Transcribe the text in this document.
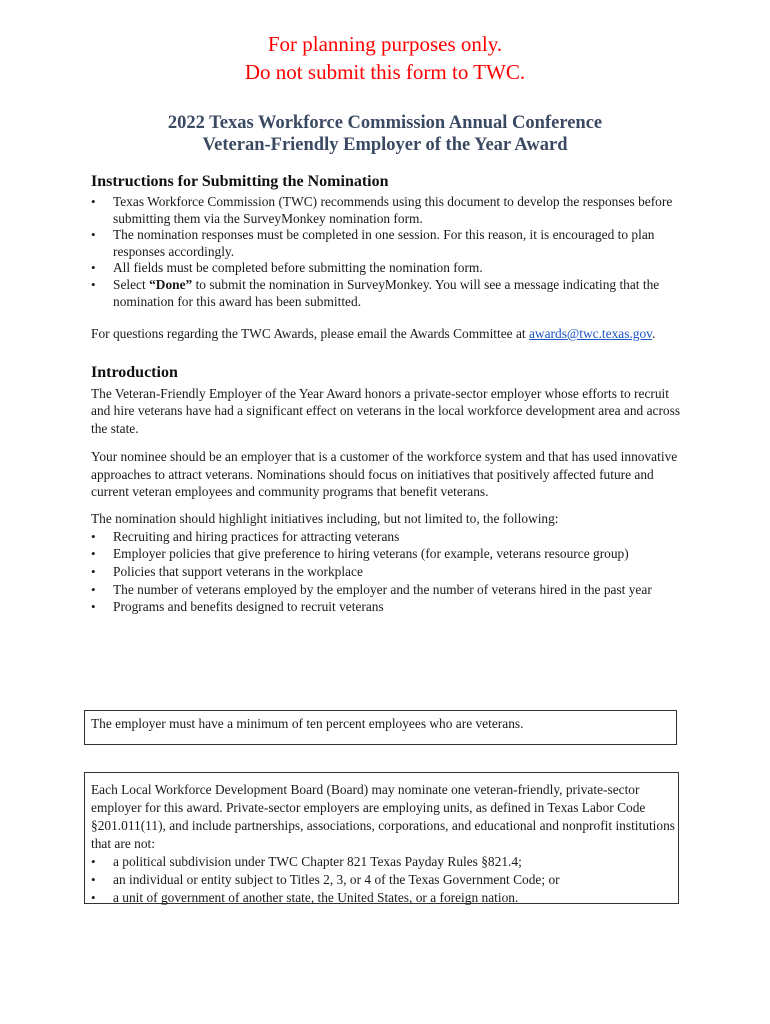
For planning purposes only.
Do not submit this form to TWC.
2022 Texas Workforce Commission Annual Conference
Veteran-Friendly Employer of the Year Award
Instructions for Submitting the Nomination
• Texas Workforce Commission (TWC) recommends using this document to develop the responses before submitting them via the SurveyMonkey nomination form.
• The nomination responses must be completed in one session. For this reason, it is encouraged to plan responses accordingly.
• All fields must be completed before submitting the nomination form.
• Select “Done” to submit the nomination in SurveyMonkey. You will see a message indicating that the nomination for this award has been submitted.

For questions regarding the TWC Awards, please email the Awards Committee at awards@twc.texas.gov.

Introduction

The Veteran-Friendly Employer of the Year Award honors a private-sector employer whose efforts to recruit and hire veterans have had a significant effect on veterans in the local workforce development area and across the state.

Your nominee should be an employer that is a customer of the workforce system and that has used innovative approaches to attract veterans. Nominations should focus on initiatives that positively affected future and current veteran employees and community programs that benefit veterans.

The nomination should highlight initiatives including, but not limited to, the following:

• Recruiting and hiring practices for attracting veterans
• Employer policies that give preference to hiring veterans (for example, veterans resource group)
• Policies that support veterans in the workplace
• The number of veterans employed by the employer and the number of veterans hired in the past year
• Programs and benefits designed to recruit veterans

The employer must have a minimum of ten percent employees who are veterans.

Each Local Workforce Development Board (Board) may nominate one veteran-friendly, private-sector employer for this award. Private-sector employers are employing units, as defined in Texas Labor Code §201.011(11), and include partnerships, associations, corporations, and educational and nonprofit institutions that are not:

• a political subdivision under TWC Chapter 821 Texas Payday Rules §821.4;
• an individual or entity subject to Titles 2, 3, or 4 of the Texas Government Code; or
• a unit of government of another state, the United States, or a foreign nation.
